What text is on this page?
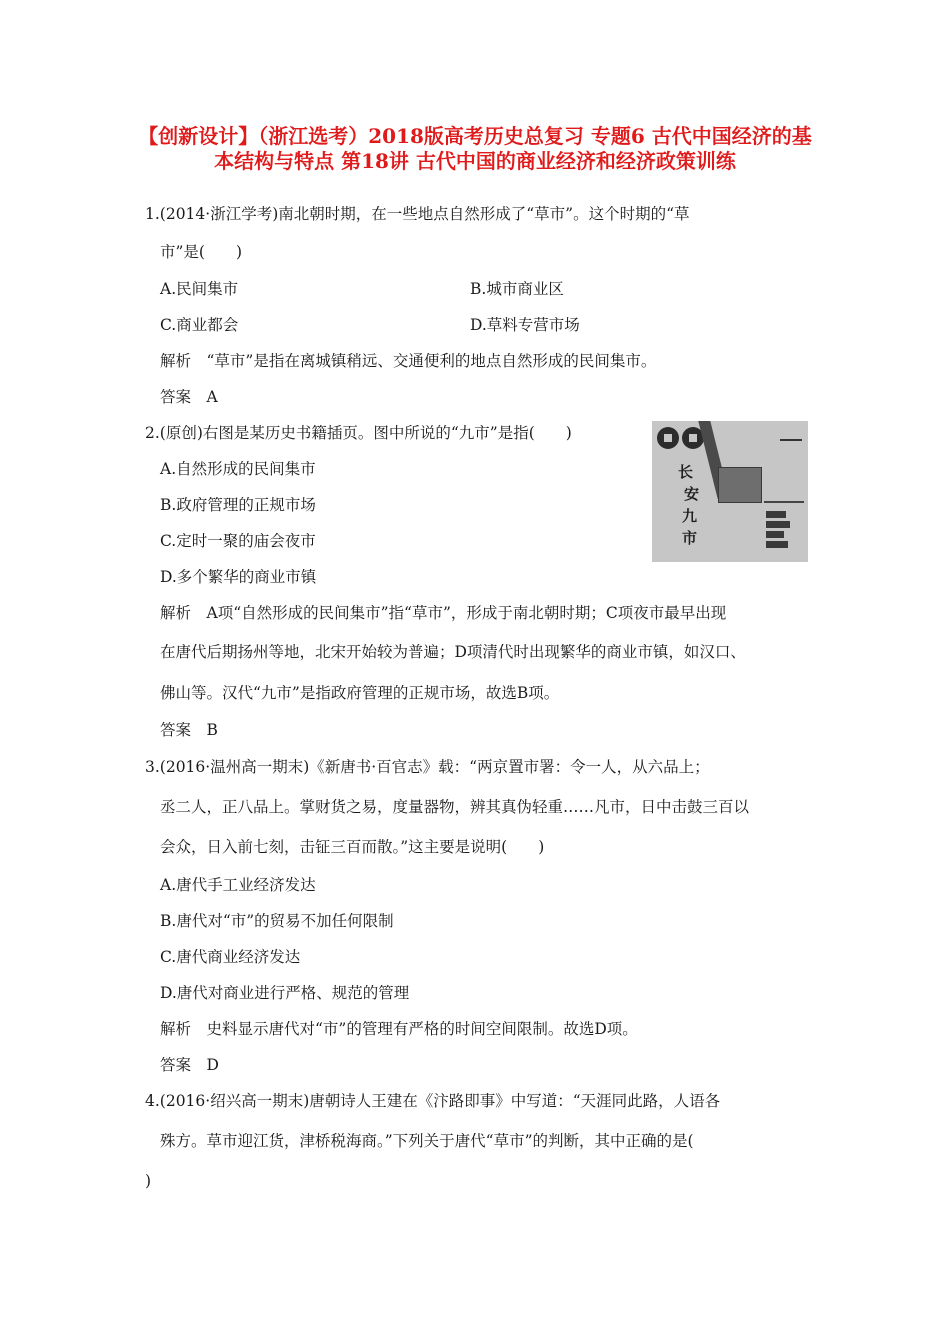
【创新设计】（浙江选考）2018版高考历史总复习 专题6 古代中国经济的基本结构与特点 第18讲 古代中国的商业经济和经济政策训练
1.(2014·浙江学考)南北朝时期，在一些地点自然形成了“草市”。这个时期的“草
市”是(　　)
A.民间集市	B.城市商业区
C.商业都会	D.草料专营市场
解析　“草市”是指在离城镇稍远、交通便利的地点自然形成的民间集市。
答案　A
2.(原创)右图是某历史书籍插页。图中所说的“九市”是指(　　)
A.自然形成的民间集市
B.政府管理的正规市场
C.定时一聚的庙会夜市
D.多个繁华的商业市镇
长
安
九
市
解析　A项“自然形成的民间集市”指“草市”，形成于南北朝时期；C项夜市最早出现
在唐代后期扬州等地，北宋开始较为普遍；D项清代时出现繁华的商业市镇，如汉口、
佛山等。汉代“九市”是指政府管理的正规市场，故选B项。
答案　B
3.(2016·温州高一期末)《新唐书·百官志》载：“两京置市署：令一人，从六品上；
丞二人，正八品上。掌财货之易，度量器物，辨其真伪轻重……凡市，日中击鼓三百以
会众，日入前七刻，击钲三百而散。”这主要是说明(　　)
A.唐代手工业经济发达
B.唐代对“市”的贸易不加任何限制
C.唐代商业经济发达
D.唐代对商业进行严格、规范的管理
解析　史料显示唐代对“市”的管理有严格的时间空间限制。故选D项。
答案　D
4.(2016·绍兴高一期末)唐朝诗人王建在《汴路即事》中写道：“天涯同此路，人语各
殊方。草市迎江货，津桥税海商。”下列关于唐代“草市”的判断，其中正确的是(
)
